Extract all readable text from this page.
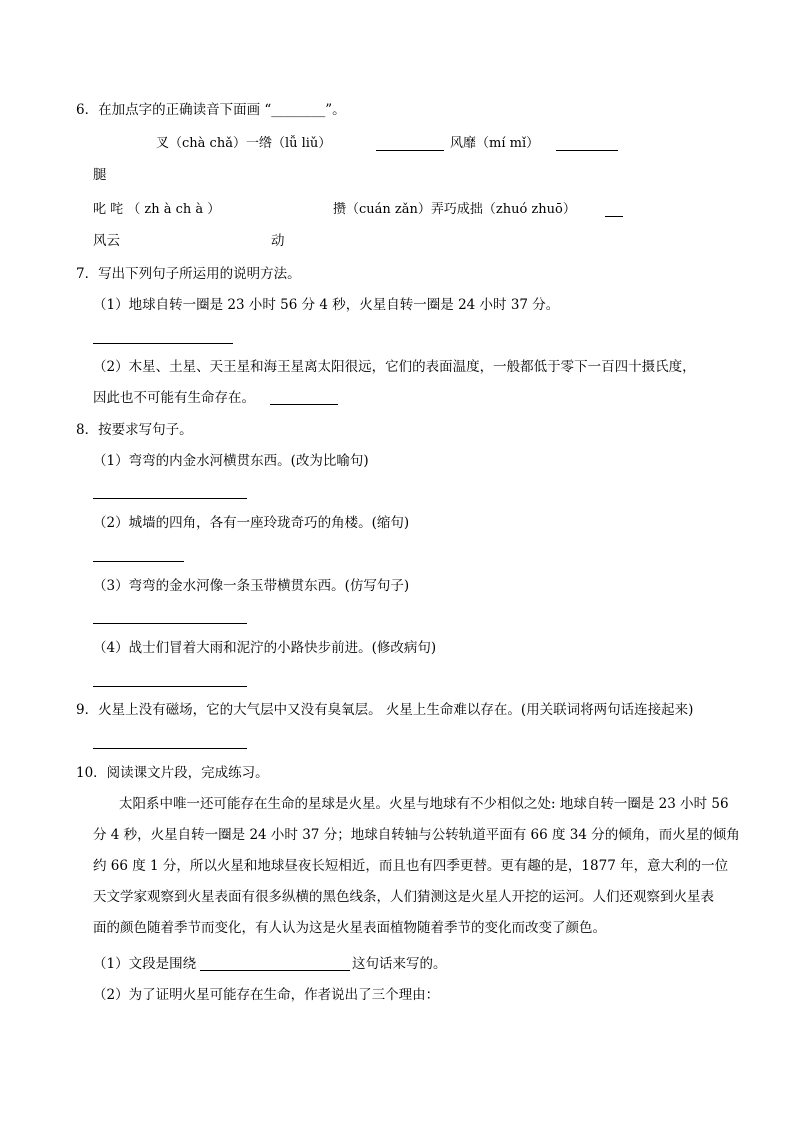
6．在加点字的正确读音下面画 “________”。
叉（chà chǎ）一绺（lǚ liǔ）	风靡（mí mǐ）
腿
叱 咤 （ zh à ch à ）	攒（cuán zǎn）弄巧成拙（zhuó zhuō）
风云	动
7．写出下列句子所运用的说明方法。
（1）地球自转一圈是 23 小时 56 分 4 秒，火星自转一圈是 24 小时 37 分。
（2）木星、土星、天王星和海王星离太阳很远，它们的表面温度，一般都低于零下一百四十摄氏度，
因此也不可能有生命存在。
8．按要求写句子。
（1）弯弯的内金水河横贯东西。(改为比喻句)
（2）城墙的四角，各有一座玲珑奇巧的角楼。(缩句)
（3）弯弯的金水河像一条玉带横贯东西。(仿写句子)
（4）战士们冒着大雨和泥泞的小路快步前进。(修改病句)
9．火星上没有磁场，它的大气层中又没有臭氧层。 火星上生命难以存在。(用关联词将两句话连接起来)
10．阅读课文片段，完成练习。
太阳系中唯一还可能存在生命的星球是火星。火星与地球有不少相似之处: 地球自转一圈是 23 小时 56
分 4 秒，火星自转一圈是 24 小时 37 分；地球自转轴与公转轨道平面有 66 度 34 分的倾角，而火星的倾角
约 66 度 1 分，所以火星和地球昼夜长短相近，而且也有四季更替。更有趣的是，1877 年，意大利的一位
天文学家观察到火星表面有很多纵横的黑色线条，人们猜测这是火星人开挖的运河。人们还观察到火星表
面的颜色随着季节而变化，有人认为这是火星表面植物随着季节的变化而改变了颜色。
（1）文段是围绕	这句话来写的。
（2）为了证明火星可能存在生命，作者说出了三个理由：
